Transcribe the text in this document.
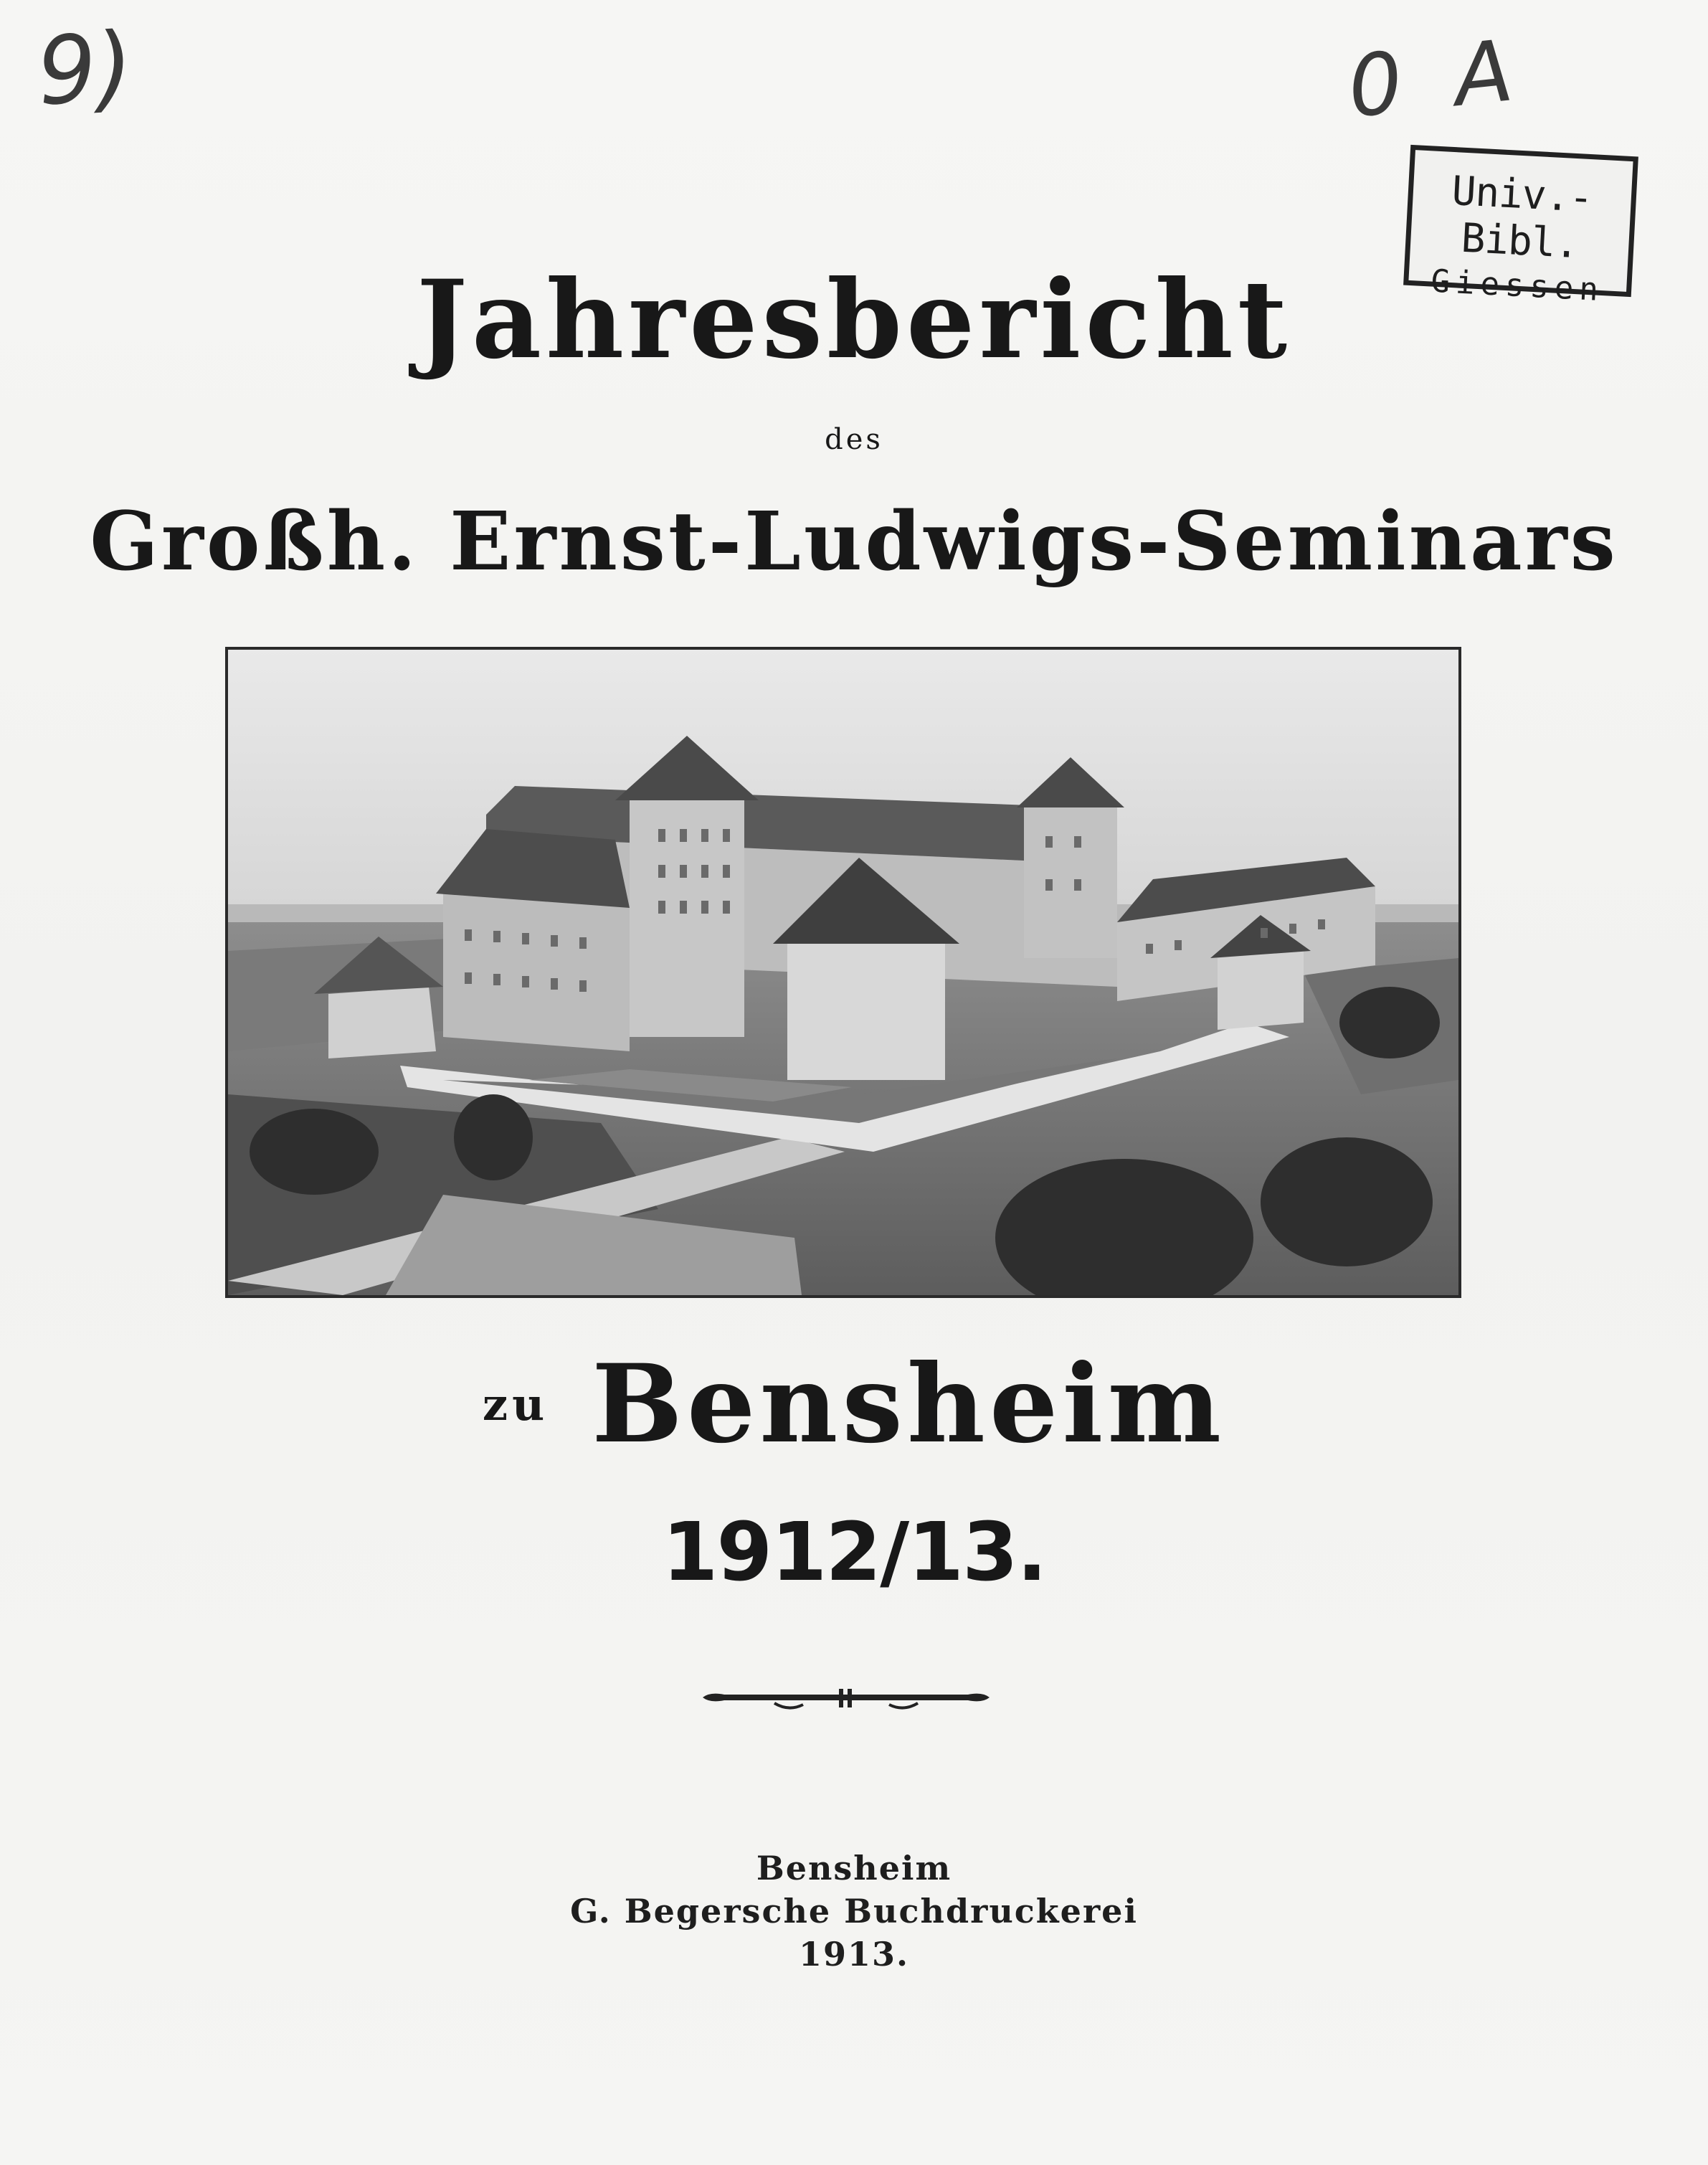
9)	0 A
Univ.-Bibl.
Giessen
Jahresbericht
des
Großh. Ernst-Ludwigs-Seminars
$^{zu}$ Bensheim
1912/13.
Bensheim
G. Begersche Buchdruckerei
1913.
